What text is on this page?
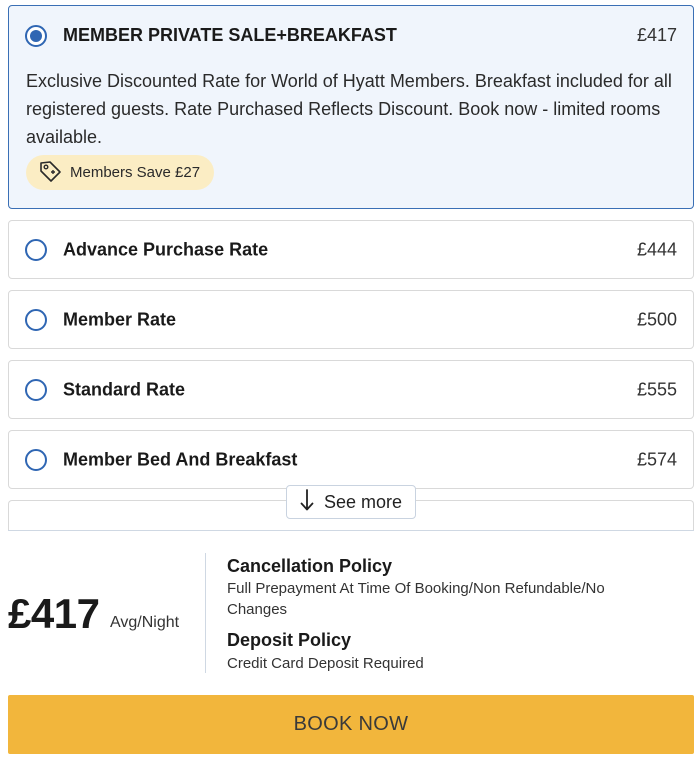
MEMBER PRIVATE SALE+BREAKFAST	£417

Exclusive Discounted Rate for World of Hyatt Members. Breakfast included for all registered guests. Rate Purchased Reflects Discount. Book now - limited rooms available.

Members Save £27
Advance Purchase Rate	£444
Member Rate	£500
Standard Rate	£555
Member Bed And Breakfast	£574
See more
£417 Avg/Night
Cancellation Policy
Full Prepayment At Time Of Booking/Non Refundable/No Changes
Deposit Policy
Credit Card Deposit Required
BOOK NOW
